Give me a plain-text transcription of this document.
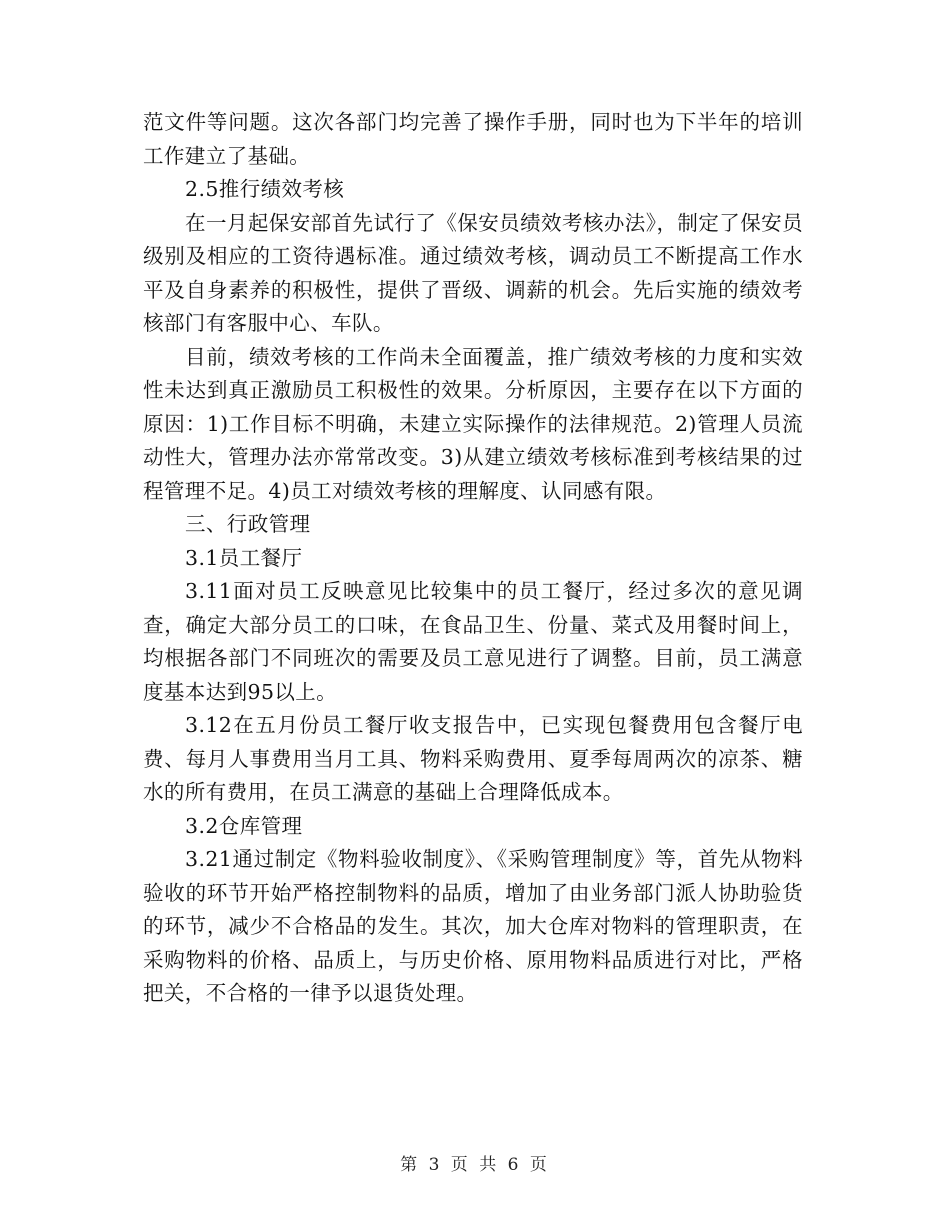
范文件等问题。这次各部门均完善了操作手册，同时也为下半年的培训工作建立了基础。

2.5推行绩效考核

在一月起保安部首先试行了《保安员绩效考核办法》，制定了保安员级别及相应的工资待遇标准。通过绩效考核，调动员工不断提高工作水平及自身素养的积极性，提供了晋级、调薪的机会。先后实施的绩效考核部门有客服中心、车队。

目前，绩效考核的工作尚未全面覆盖，推广绩效考核的力度和实效性未达到真正激励员工积极性的效果。分析原因，主要存在以下方面的原因：1)工作目标不明确，未建立实际操作的法律规范。2)管理人员流动性大，管理办法亦常常改变。3)从建立绩效考核标准到考核结果的过程管理不足。4)员工对绩效考核的理解度、认同感有限。

三、行政管理

3.1员工餐厅

3.11面对员工反映意见比较集中的员工餐厅，经过多次的意见调查，确定大部分员工的口味，在食品卫生、份量、菜式及用餐时间上，均根据各部门不同班次的需要及员工意见进行了调整。目前，员工满意度基本达到95以上。

3.12在五月份员工餐厅收支报告中，已实现包餐费用包含餐厅电费、每月人事费用当月工具、物料采购费用、夏季每周两次的凉茶、糖水的所有费用，在员工满意的基础上合理降低成本。

3.2仓库管理

3.21通过制定《物料验收制度》、《采购管理制度》等，首先从物料验收的环节开始严格控制物料的品质，增加了由业务部门派人协助验货的环节，减少不合格品的发生。其次，加大仓库对物料的管理职责，在采购物料的价格、品质上，与历史价格、原用物料品质进行对比，严格把关，不合格的一律予以退货处理。

第 3 页 共 6 页
